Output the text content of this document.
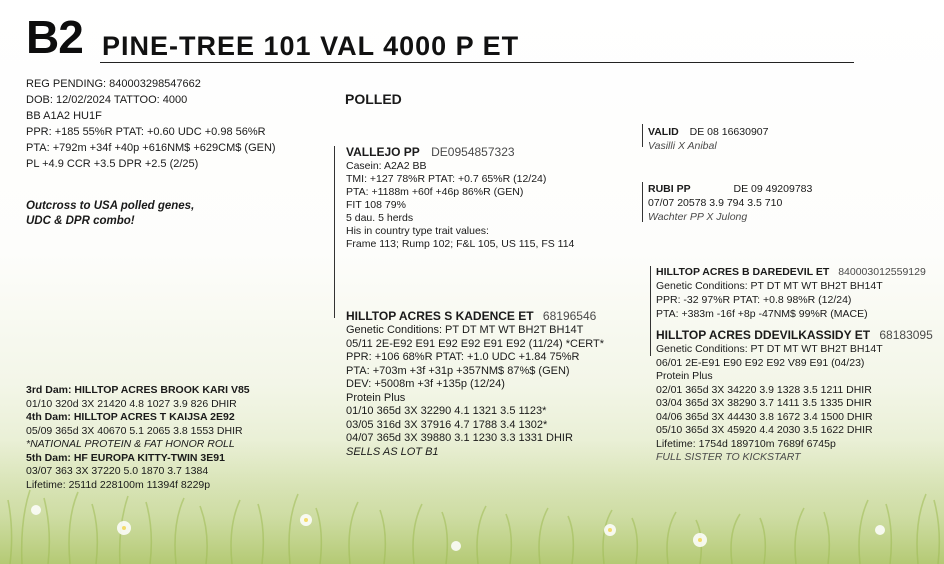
B2 PINE-TREE 101 VAL 4000 P ET
REG PENDING: 840003298547662
DOB: 12/02/2024 TATTOO: 4000
BB A1A2 HU1F
PPR: +185 55%R PTAT: +0.60 UDC +0.98 56%R
PTA: +792m +34f +40p +616NM$ +629CM$ (GEN)
PL +4.9 CCR +3.5 DPR +2.5 (2/25)
Outcross to USA polled genes,
UDC & DPR combo!
POLLED
VALLEJO PP DE0954857323
Casein: A2A2 BB
TMI: +127 78%R PTAT: +0.7 65%R (12/24)
PTA: +1188m +60f +46p 86%R (GEN)
FIT 108 79%
5 dau. 5 herds
His in country type trait values:
Frame 113; Rump 102; F&L 105, US 115, FS 114
VALID DE 08 16630907
Vasilli X Anibal
RUBI PP	DE 09 49209783
07/07 20578 3.9 794 3.5 710
Wachter PP X Julong
HILLTOP ACRES S KADENCE ET 68196546
Genetic Conditions: PT DT MT WT BH2T BH14T
05/11 2E-E92 E91 E92 E92 E91 E92 (11/24) *CERT*
PPR: +106 68%R PTAT: +1.0 UDC +1.84 75%R
PTA: +703m +3f +31p +357NM$ 87%$ (GEN)
DEV: +5008m +3f +135p (12/24)
Protein Plus
01/10 365d 3X 32290 4.1 1321 3.5 1123*
03/05 316d 3X 37916 4.7 1788 3.4 1302*
04/07 365d 3X 39880 3.1 1230 3.3 1331 DHIR
SELLS AS LOT B1
HILLTOP ACRES B DAREDEVIL ET 840003012559129
Genetic Conditions: PT DT MT WT BH2T BH14T
PPR: -32 97%R PTAT: +0.8 98%R (12/24)
PTA: +383m -16f +8p -47NM$ 99%R (MACE)
HILLTOP ACRES DDEVILKASSIDY ET 68183095
Genetic Conditions: PT DT MT WT BH2T BH14T
06/01 2E-E91 E90 E92 E92 V89 E91 (04/23)
Protein Plus
02/01 365d 3X 34220 3.9 1328 3.5 1211 DHIR
03/04 365d 3X 38290 3.7 1411 3.5 1335 DHIR
04/06 365d 3X 44430 3.8 1672 3.4 1500 DHIR
05/10 365d 3X 45920 4.4 2030 3.5 1622 DHIR
Lifetime: 1754d 189710m 7689f 6745p
FULL SISTER TO KICKSTART
3rd Dam: HILLTOP ACRES BROOK KARI V85
01/10 320d 3X 21420 4.8 1027 3.9 826 DHIR
4th Dam: HILLTOP ACRES T KAIJSA 2E92
05/09 365d 3X 40670 5.1 2065 3.8 1553 DHIR
*NATIONAL PROTEIN & FAT HONOR ROLL
5th Dam: HF EUROPA KITTY-TWIN 3E91
03/07 363 3X 37220 5.0 1870 3.7 1384
Lifetime: 2511d 228100m 11394f 8229p
